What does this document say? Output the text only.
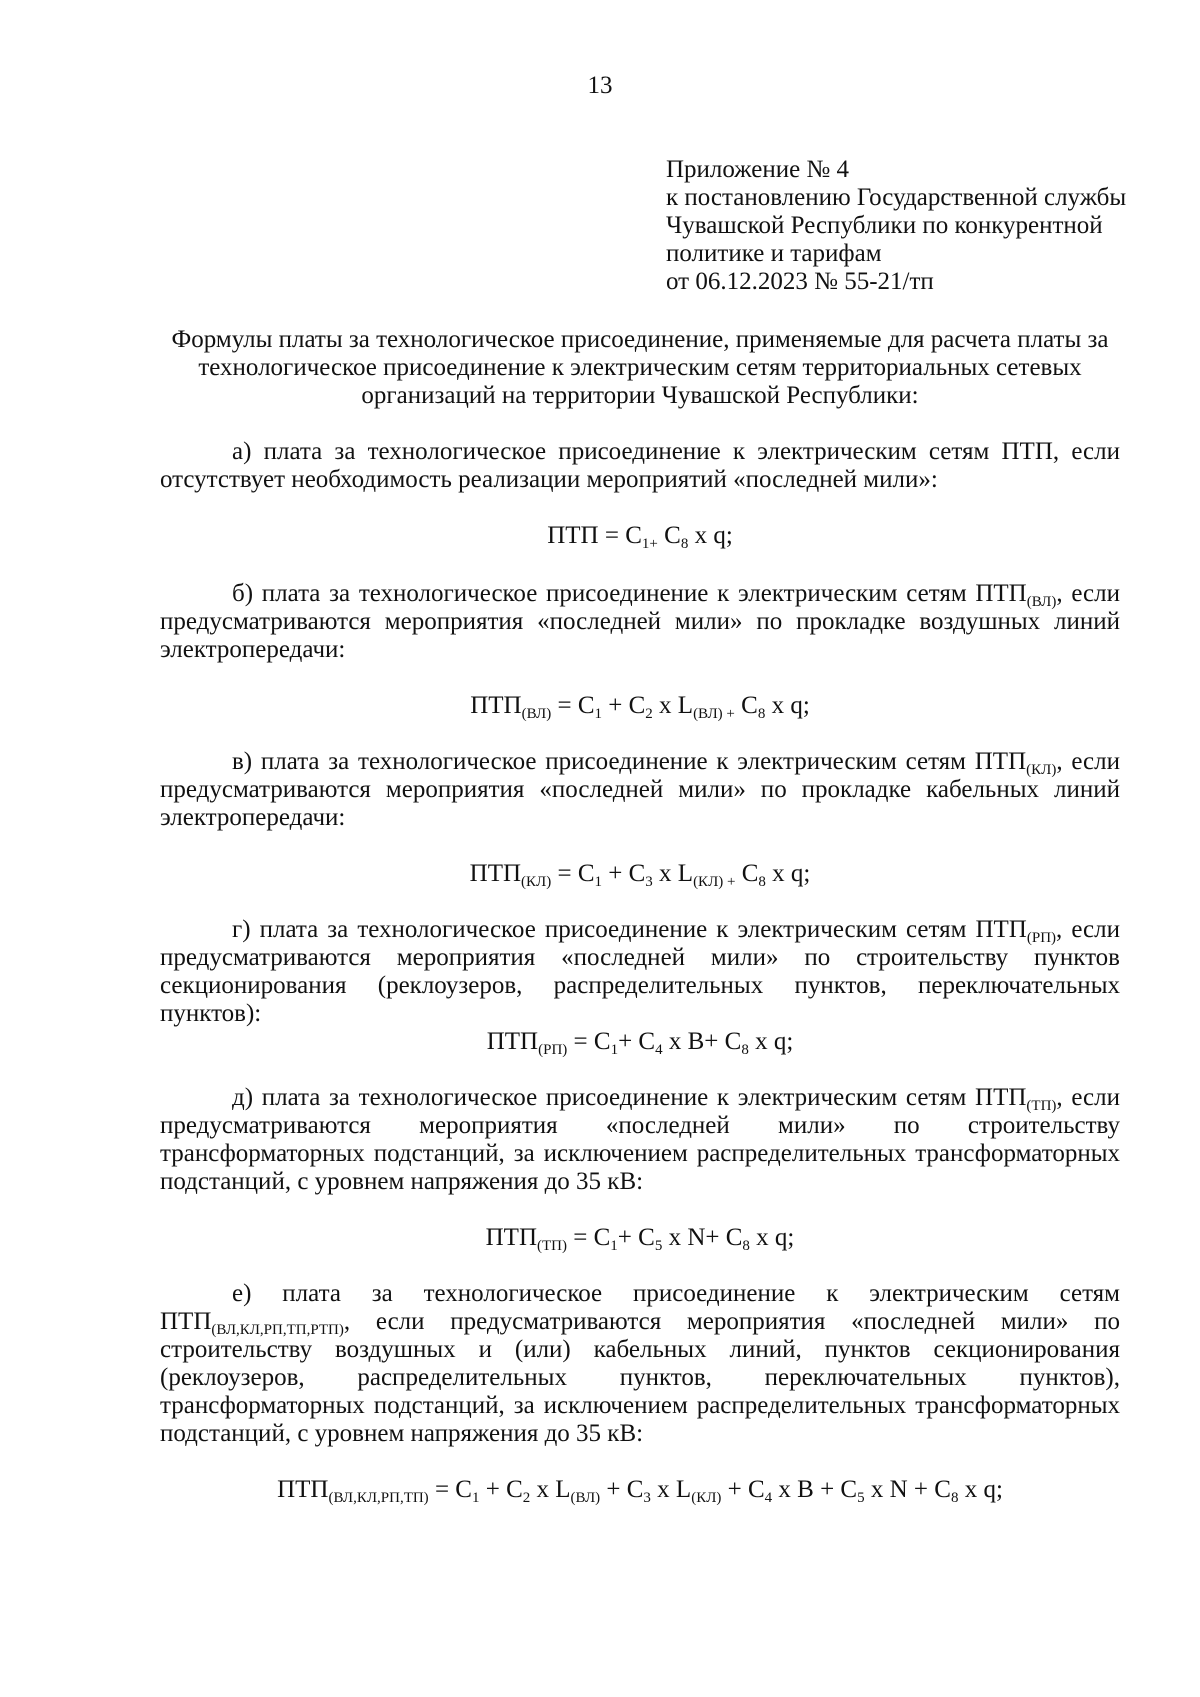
13
Приложение № 4
к постановлению Государственной службы
Чувашской Республики по конкурентной
политике и тарифам
от 06.12.2023 № 55-21/тп
Формулы платы за технологическое присоединение, применяемые для расчета платы за технологическое присоединение к электрическим сетям территориальных сетевых организаций на территории Чувашской Республики:
а) плата за технологическое присоединение к электрическим сетям ПТП, если отсутствует необходимость реализации мероприятий «последней мили»:
ПТП = $С_{1+}$ $С_8$ х q;
б) плата за технологическое присоединение к электрическим сетям $ПТП_{(ВЛ)}$, если предусматриваются мероприятия «последней мили» по прокладке воздушных линий электропередачи:
$ПТП_{(ВЛ)} = С_1 + С_2$ х $L_{(ВЛ) +}$ $С_8$ х q;
в) плата за технологическое присоединение к электрическим сетям $ПТП_{(КЛ)}$, если предусматриваются мероприятия «последней мили» по прокладке кабельных линий электропередачи:
$ПТП_{(КЛ)} = С_1 + С_3$ х $L_{(КЛ) +}$ $С_8$ х q;
г) плата за технологическое присоединение к электрическим сетям $ПТП_{(РП)}$, если предусматриваются мероприятия «последней мили» по строительству пунктов секционирования (реклоузеров, распределительных пунктов, переключательных пунктов):
$ПТП_{(РП)} = С_1+ С_4$ х $В+ С_8$ х q;
д) плата за технологическое присоединение к электрическим сетям $ПТП_{(ТП)}$, если предусматриваются мероприятия «последней мили» по строительству трансформаторных подстанций, за исключением распределительных трансформаторных подстанций, с уровнем напряжения до 35 кВ:
$ПТП_{(ТП)} = С_1+ С_5$ х $N+ С_8$ х q;
е) плата за технологическое присоединение к электрическим сетям $ПТП_{(ВЛ,КЛ,РП,ТП,РТП)}$, если предусматриваются мероприятия «последней мили» по строительству воздушных и (или) кабельных линий, пунктов секционирования (реклоузеров, распределительных пунктов, переключательных пунктов), трансформаторных подстанций, за исключением распределительных трансформаторных подстанций, с уровнем напряжения до 35 кВ:
$ПТП_{(ВЛ,КЛ,РП,ТП)} = С_1 + С_2$ х $L_{(ВЛ)} + С_3$ х $L_{(КЛ)} + С_4$ х $В + С_5$ х $N + С_8$ х q;
